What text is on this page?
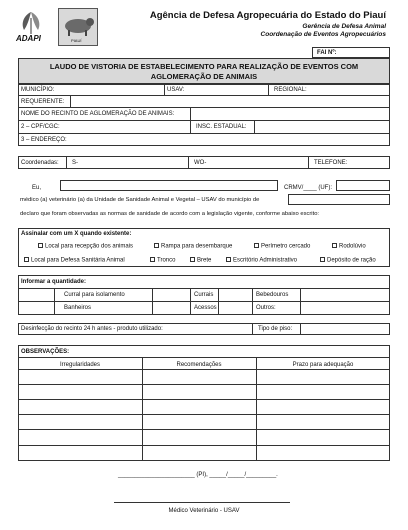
ADAPI	PIAUÍ
Agência de Defesa Agropecuária do Estado do Piauí
Gerência de Defesa Animal
Coordenação de Eventos Agropecuários
FAI Nº:
LAUDO DE VISTORIA DE ESTABELECIMENTO PARA REALIZAÇÃO DE EVENTOS COM
AGLOMERAÇÃO DE ANIMAIS
MUNICÍPIO:	USAV:	REGIONAL:
REQUERENTE:
NOME DO RECINTO DE AGLOMERAÇÃO DE ANIMAIS:
2 – CPF/CGC:	INSC. ESTADUAL:
3 – ENDEREÇO:
Coordenadas: S-	WO-	TELEFONE:
Eu,	CRMV/____ (UF):
médico (a) veterinário (a) da Unidade de Sanidade Animal e Vegetal – USAV do município de
declaro que foram observadas as normas de sanidade de acordo com a legislação vigente, conforme abaixo escrito:
Assinalar com um X quando existente:
Local para recepção dos animais	Rampa para desembarque	Perímetro cercado	Rodolúvio
Local para Defesa Sanitária Animal	Tronco	Brete	Escritório Administrativo	Depósito de ração
Informar a quantidade:
Curral para isolamento	Currais	Bebedouros
Banheiros	Acessos	Outros:
Desinfecção do recinto 24 h antes - produto utilizado:	Tipo de piso:
OBSERVAÇÕES:
Irregularidades	Recomendações	Prazo para adequação
_______________________ (PI), _____/_____/_________.
Médico Veterinário - USAV
